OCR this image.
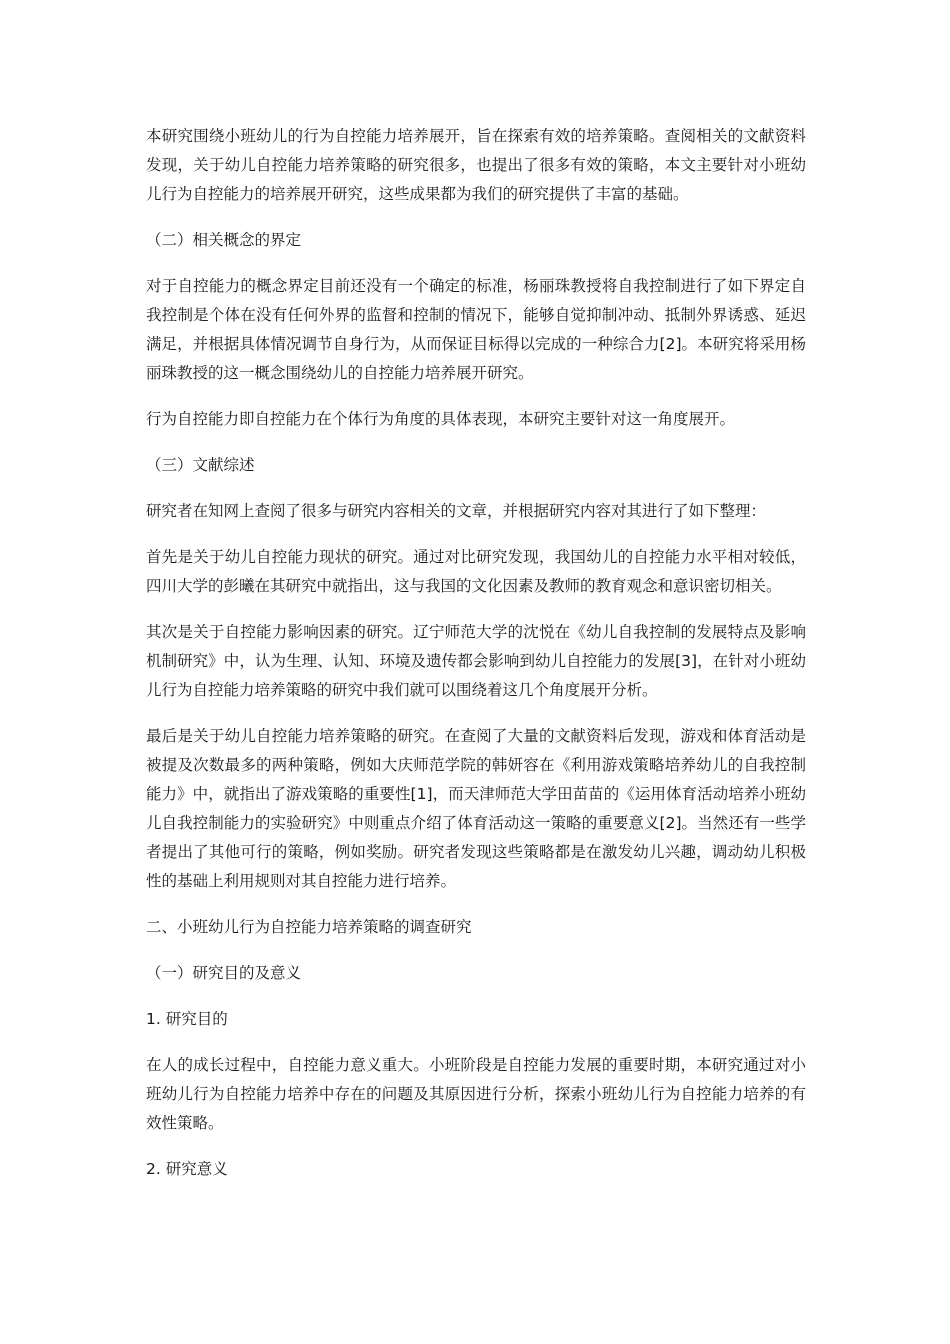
本研究围绕小班幼儿的行为自控能力培养展开，旨在探索有效的培养策略。查阅相关的文献资料发现，关于幼儿自控能力培养策略的研究很多，也提出了很多有效的策略，本文主要针对小班幼儿行为自控能力的培养展开研究，这些成果都为我们的研究提供了丰富的基础。

（二）相关概念的界定

对于自控能力的概念界定目前还没有一个确定的标准，杨丽珠教授将自我控制进行了如下界定自我控制是个体在没有任何外界的监督和控制的情况下，能够自觉抑制冲动、抵制外界诱惑、延迟满足，并根据具体情况调节自身行为，从而保证目标得以完成的一种综合力[2]。本研究将采用杨丽珠教授的这一概念围绕幼儿的自控能力培养展开研究。

行为自控能力即自控能力在个体行为角度的具体表现，本研究主要针对这一角度展开。

（三）文献综述

研究者在知网上查阅了很多与研究内容相关的文章，并根据研究内容对其进行了如下整理：

首先是关于幼儿自控能力现状的研究。通过对比研究发现，我国幼儿的自控能力水平相对较低，四川大学的彭曦在其研究中就指出，这与我国的文化因素及教师的教育观念和意识密切相关。

其次是关于自控能力影响因素的研究。辽宁师范大学的沈悦在《幼儿自我控制的发展特点及影响机制研究》中，认为生理、认知、环境及遗传都会影响到幼儿自控能力的发展[3]，在针对小班幼儿行为自控能力培养策略的研究中我们就可以围绕着这几个角度展开分析。

最后是关于幼儿自控能力培养策略的研究。在查阅了大量的文献资料后发现，游戏和体育活动是被提及次数最多的两种策略，例如大庆师范学院的韩妍容在《利用游戏策略培养幼儿的自我控制能力》中，就指出了游戏策略的重要性[1]，而天津师范大学田苗苗的《运用体育活动培养小班幼儿自我控制能力的实验研究》中则重点介绍了体育活动这一策略的重要意义[2]。当然还有一些学者提出了其他可行的策略，例如奖励。研究者发现这些策略都是在激发幼儿兴趣，调动幼儿积极性的基础上利用规则对其自控能力进行培养。

二、小班幼儿行为自控能力培养策略的调查研究

（一）研究目的及意义

1. 研究目的

在人的成长过程中，自控能力意义重大。小班阶段是自控能力发展的重要时期，本研究通过对小班幼儿行为自控能力培养中存在的问题及其原因进行分析，探索小班幼儿行为自控能力培养的有效性策略。

2. 研究意义
